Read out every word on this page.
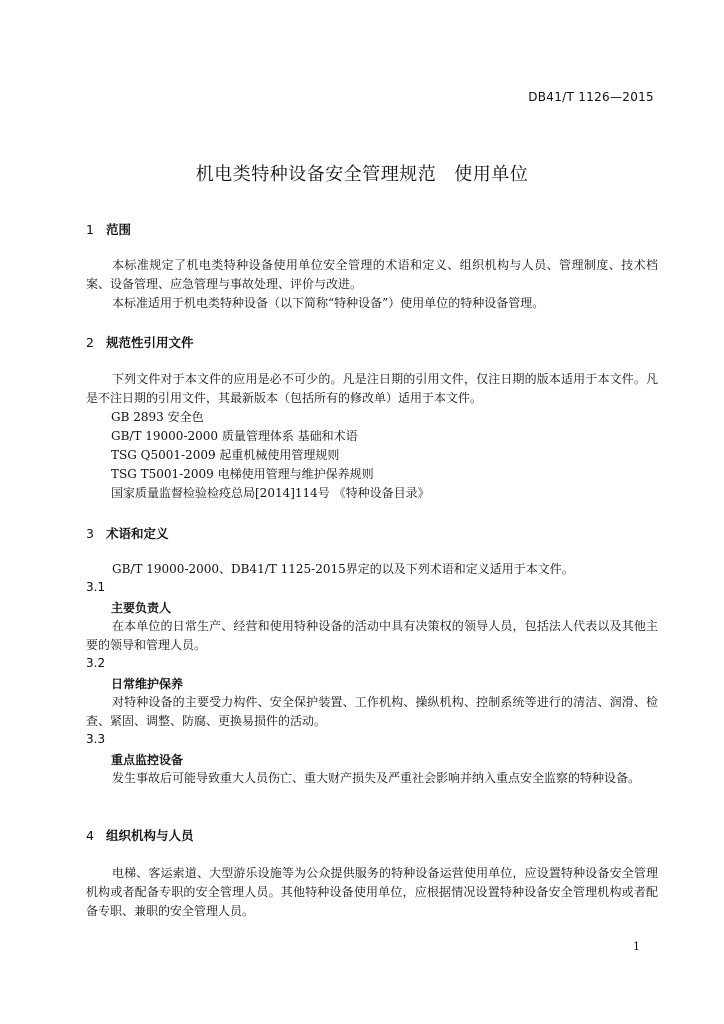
DB41/T 1126—2015
机电类特种设备安全管理规范 使用单位
1 范围
本标准规定了机电类特种设备使用单位安全管理的术语和定义、组织机构与人员、管理制度、技术档案、设备管理、应急管理与事故处理、评价与改进。
本标准适用于机电类特种设备（以下简称“特种设备”）使用单位的特种设备管理。
2 规范性引用文件
下列文件对于本文件的应用是必不可少的。凡是注日期的引用文件，仅注日期的版本适用于本文件。凡是不注日期的引用文件，其最新版本（包括所有的修改单）适用于本文件。
GB 2893 安全色
GB/T 19000-2000 质量管理体系 基础和术语
TSG Q5001-2009 起重机械使用管理规则
TSG T5001-2009 电梯使用管理与维护保养规则
国家质量监督检验检疫总局[2014]114号 《特种设备目录》
3 术语和定义
GB/T 19000-2000、DB41/T 1125-2015界定的以及下列术语和定义适用于本文件。
3.1
主要负责人
在本单位的日常生产、经营和使用特种设备的活动中具有决策权的领导人员，包括法人代表以及其他主要的领导和管理人员。
3.2
日常维护保养
对特种设备的主要受力构件、安全保护装置、工作机构、操纵机构、控制系统等进行的清洁、润滑、检查、紧固、调整、防腐、更换易损件的活动。
3.3
重点监控设备
发生事故后可能导致重大人员伤亡、重大财产损失及严重社会影响并纳入重点安全监察的特种设备。
4 组织机构与人员
电梯、客运索道、大型游乐设施等为公众提供服务的特种设备运营使用单位，应设置特种设备安全管理机构或者配备专职的安全管理人员。其他特种设备使用单位，应根据情况设置特种设备安全管理机构或者配备专职、兼职的安全管理人员。
1
